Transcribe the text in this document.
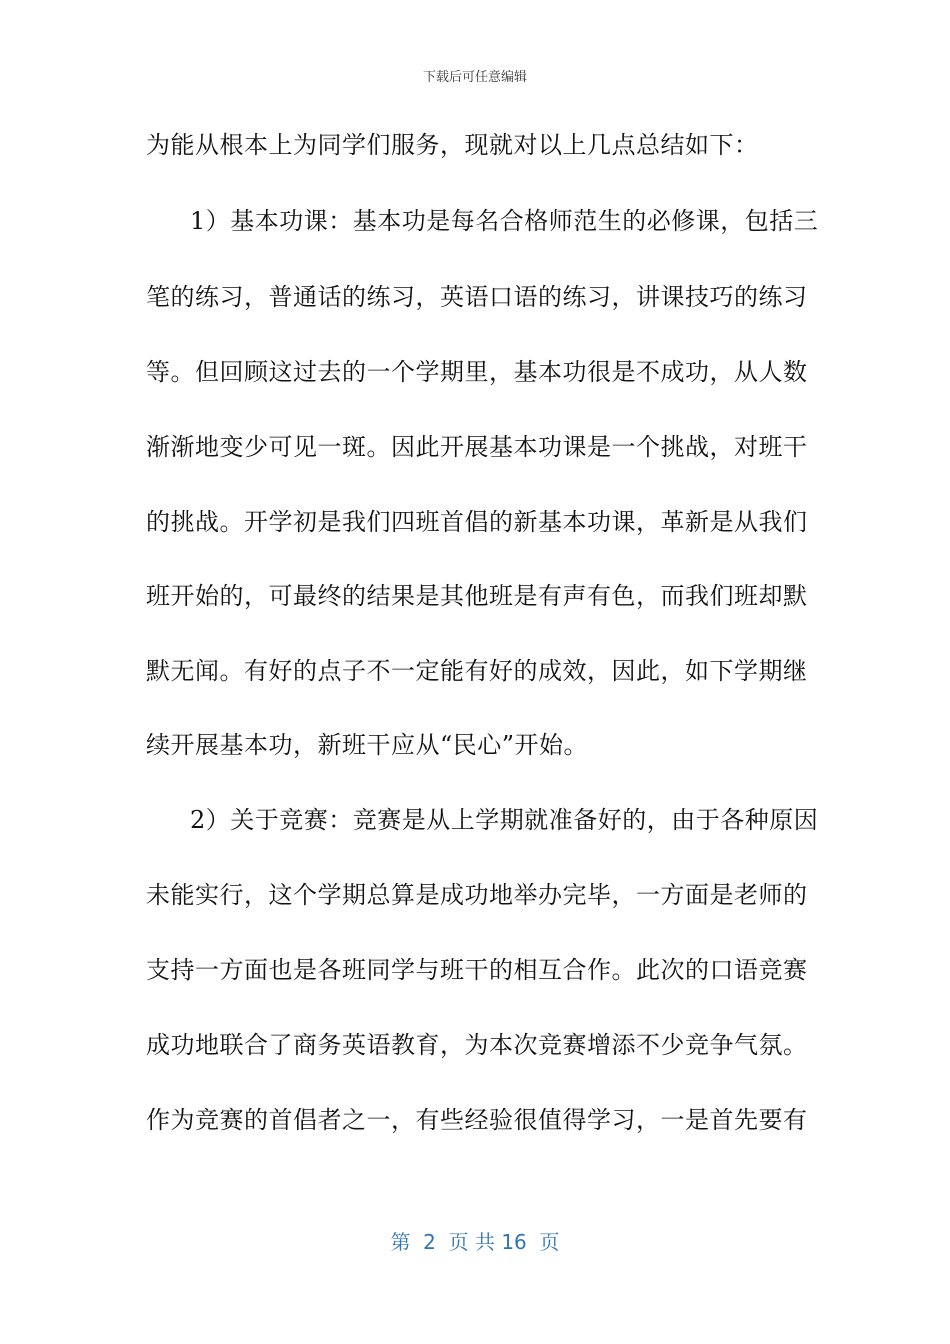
下载后可任意编辑
为能从根本上为同学们服务，现就对以上几点总结如下：
1）基本功课：基本功是每名合格师范生的必修课，包括三
笔的练习，普通话的练习，英语口语的练习，讲课技巧的练习
等。但回顾这过去的一个学期里，基本功很是不成功，从人数
渐渐地变少可见一斑。因此开展基本功课是一个挑战，对班干
的挑战。开学初是我们四班首倡的新基本功课，革新是从我们
班开始的，可最终的结果是其他班是有声有色，而我们班却默
默无闻。有好的点子不一定能有好的成效，因此，如下学期继
续开展基本功，新班干应从“民心”开始。
2）关于竞赛：竞赛是从上学期就准备好的，由于各种原因
未能实行，这个学期总算是成功地举办完毕，一方面是老师的
支持一方面也是各班同学与班干的相互合作。此次的口语竞赛
成功地联合了商务英语教育，为本次竞赛增添不少竞争气氛。
作为竞赛的首倡者之一，有些经验很值得学习，一是首先要有
第  2  页 共 16  页
